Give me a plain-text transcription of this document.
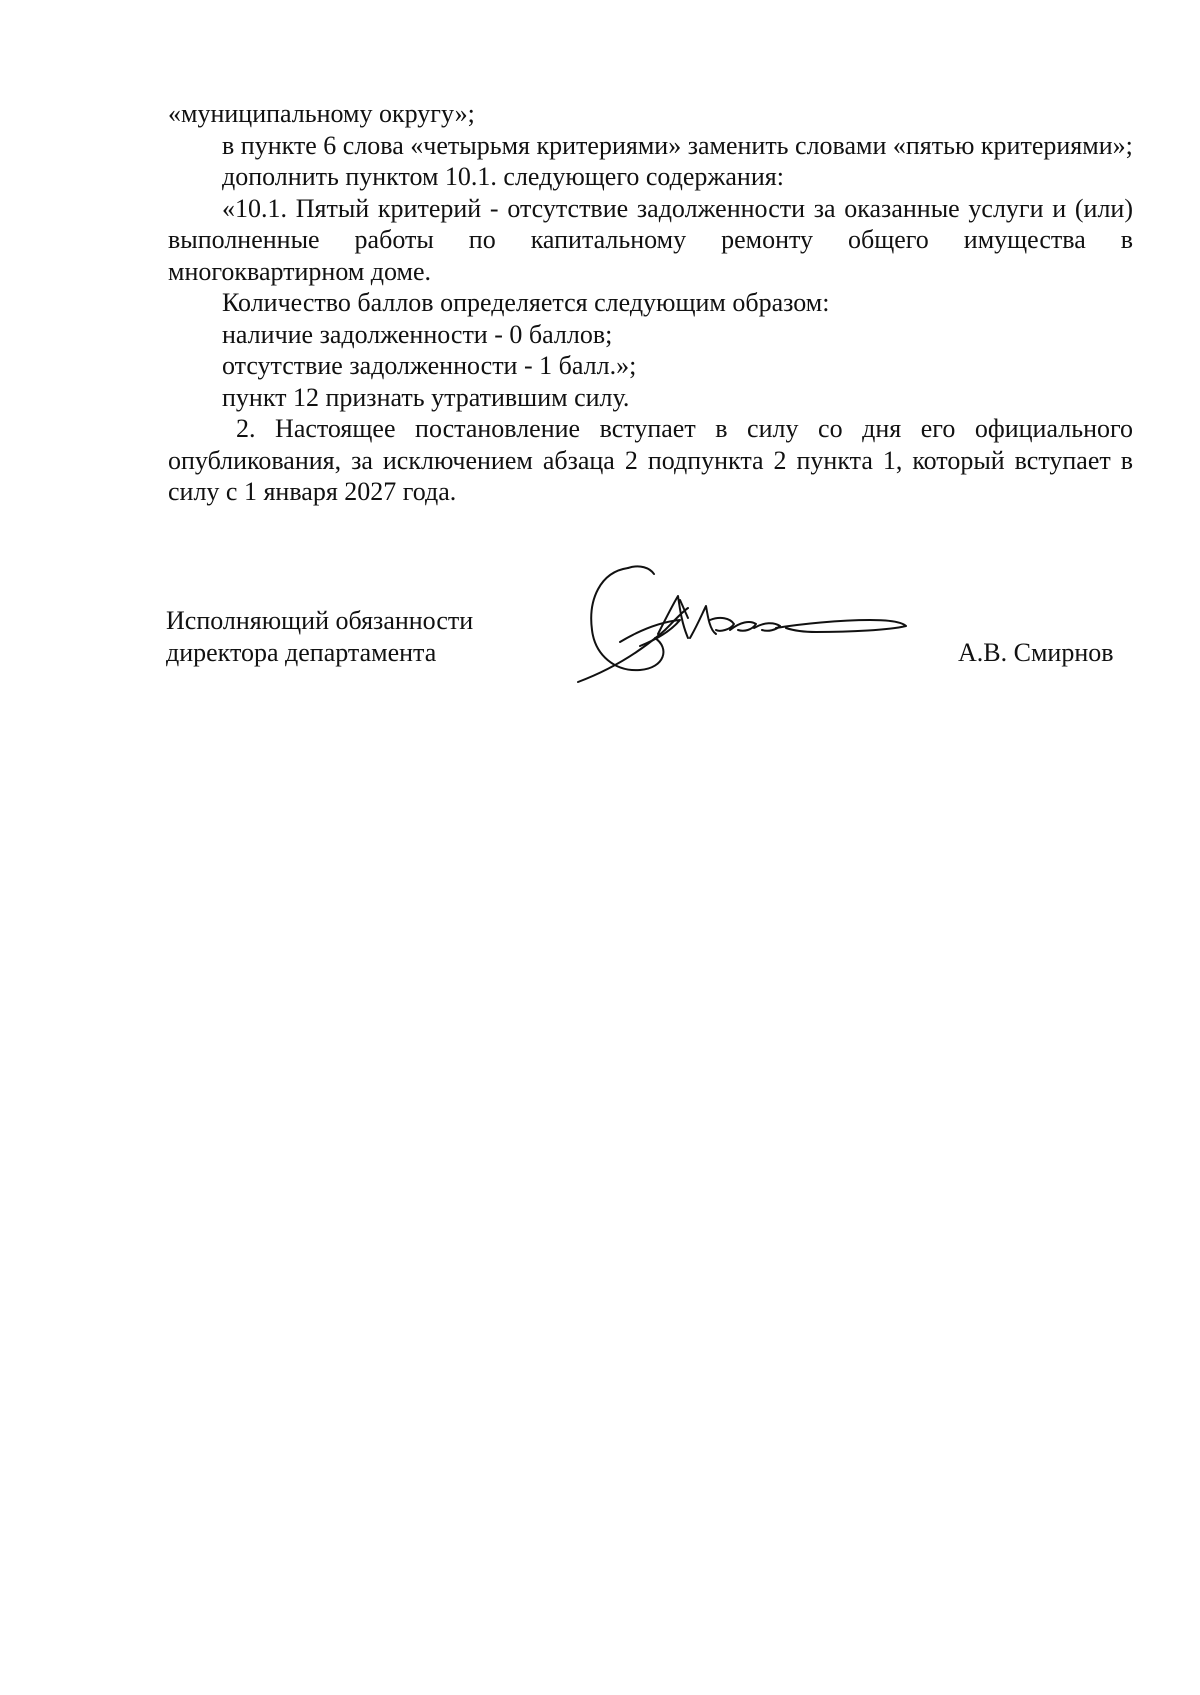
«муниципальному округу»;

в пункте 6 слова «четырьмя критериями» заменить словами «пятью критериями»;

дополнить пунктом 10.1. следующего содержания:

«10.1. Пятый критерий - отсутствие задолженности за оказанные услуги и (или) выполненные работы по капитальному ремонту общего имущества в многоквартирном доме.

Количество баллов определяется следующим образом:

наличие задолженности - 0 баллов;

отсутствие задолженности - 1 балл.»;

пункт 12 признать утратившим силу.

2. Настоящее постановление вступает в силу со дня его официального опубликования, за исключением абзаца 2 подпункта 2 пункта 1, который вступает в силу с 1 января 2027 года.

Исполняющий обязанности
директора департамента	А.В. Смирнов
